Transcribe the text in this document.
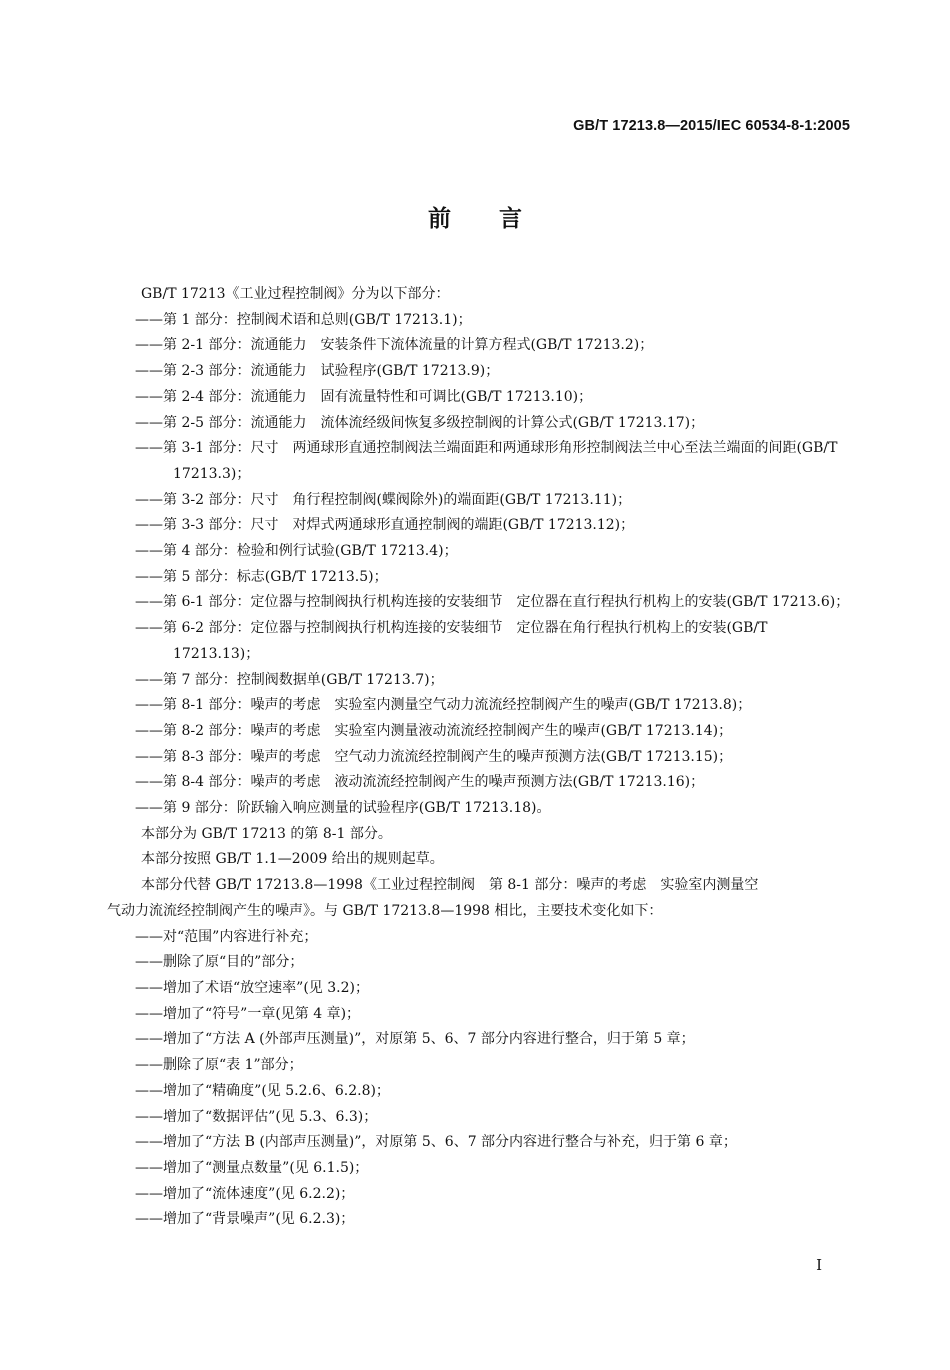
GB/T 17213.8—2015/IEC 60534-8-1:2005
前言
GB/T 17213《工业过程控制阀》分为以下部分：
——第 1 部分：控制阀术语和总则(GB/T 17213.1)；
——第 2-1 部分：流通能力　安装条件下流体流量的计算方程式(GB/T 17213.2)；
——第 2-3 部分：流通能力　试验程序(GB/T 17213.9)；
——第 2-4 部分：流通能力　固有流量特性和可调比(GB/T 17213.10)；
——第 2-5 部分：流通能力　流体流经级间恢复多级控制阀的计算公式(GB/T 17213.17)；
——第 3-1 部分：尺寸　两通球形直通控制阀法兰端面距和两通球形角形控制阀法兰中心至法兰端面的间距(GB/T 17213.3)；
——第 3-2 部分：尺寸　角行程控制阀(蝶阀除外)的端面距(GB/T 17213.11)；
——第 3-3 部分：尺寸　对焊式两通球形直通控制阀的端距(GB/T 17213.12)；
——第 4 部分：检验和例行试验(GB/T 17213.4)；
——第 5 部分：标志(GB/T 17213.5)；
——第 6-1 部分：定位器与控制阀执行机构连接的安装细节　定位器在直行程执行机构上的安装(GB/T 17213.6)；
——第 6-2 部分：定位器与控制阀执行机构连接的安装细节　定位器在角行程执行机构上的安装(GB/T 17213.13)；
——第 7 部分：控制阀数据单(GB/T 17213.7)；
——第 8-1 部分：噪声的考虑　实验室内测量空气动力流流经控制阀产生的噪声(GB/T 17213.8)；
——第 8-2 部分：噪声的考虑　实验室内测量液动流流经控制阀产生的噪声(GB/T 17213.14)；
——第 8-3 部分：噪声的考虑　空气动力流流经控制阀产生的噪声预测方法(GB/T 17213.15)；
——第 8-4 部分：噪声的考虑　液动流流经控制阀产生的噪声预测方法(GB/T 17213.16)；
——第 9 部分：阶跃输入响应测量的试验程序(GB/T 17213.18)。
本部分为 GB/T 17213 的第 8-1 部分。
本部分按照 GB/T 1.1—2009 给出的规则起草。
本部分代替 GB/T 17213.8—1998《工业过程控制阀　第 8-1 部分：噪声的考虑　实验室内测量空
气动力流流经控制阀产生的噪声》。与 GB/T 17213.8—1998 相比，主要技术变化如下：
——对“范围”内容进行补充；
——删除了原“目的”部分；
——增加了术语“放空速率”(见 3.2)；
——增加了“符号”一章(见第 4 章)；
——增加了“方法 A (外部声压测量)”，对原第 5、6、7 部分内容进行整合，归于第 5 章；
——删除了原“表 1”部分；
——增加了“精确度”(见 5.2.6、6.2.8)；
——增加了“数据评估”(见 5.3、6.3)；
——增加了“方法 B (内部声压测量)”，对原第 5、6、7 部分内容进行整合与补充，归于第 6 章；
——增加了“测量点数量”(见 6.1.5)；
——增加了“流体速度”(见 6.2.2)；
——增加了“背景噪声”(见 6.2.3)；
I
